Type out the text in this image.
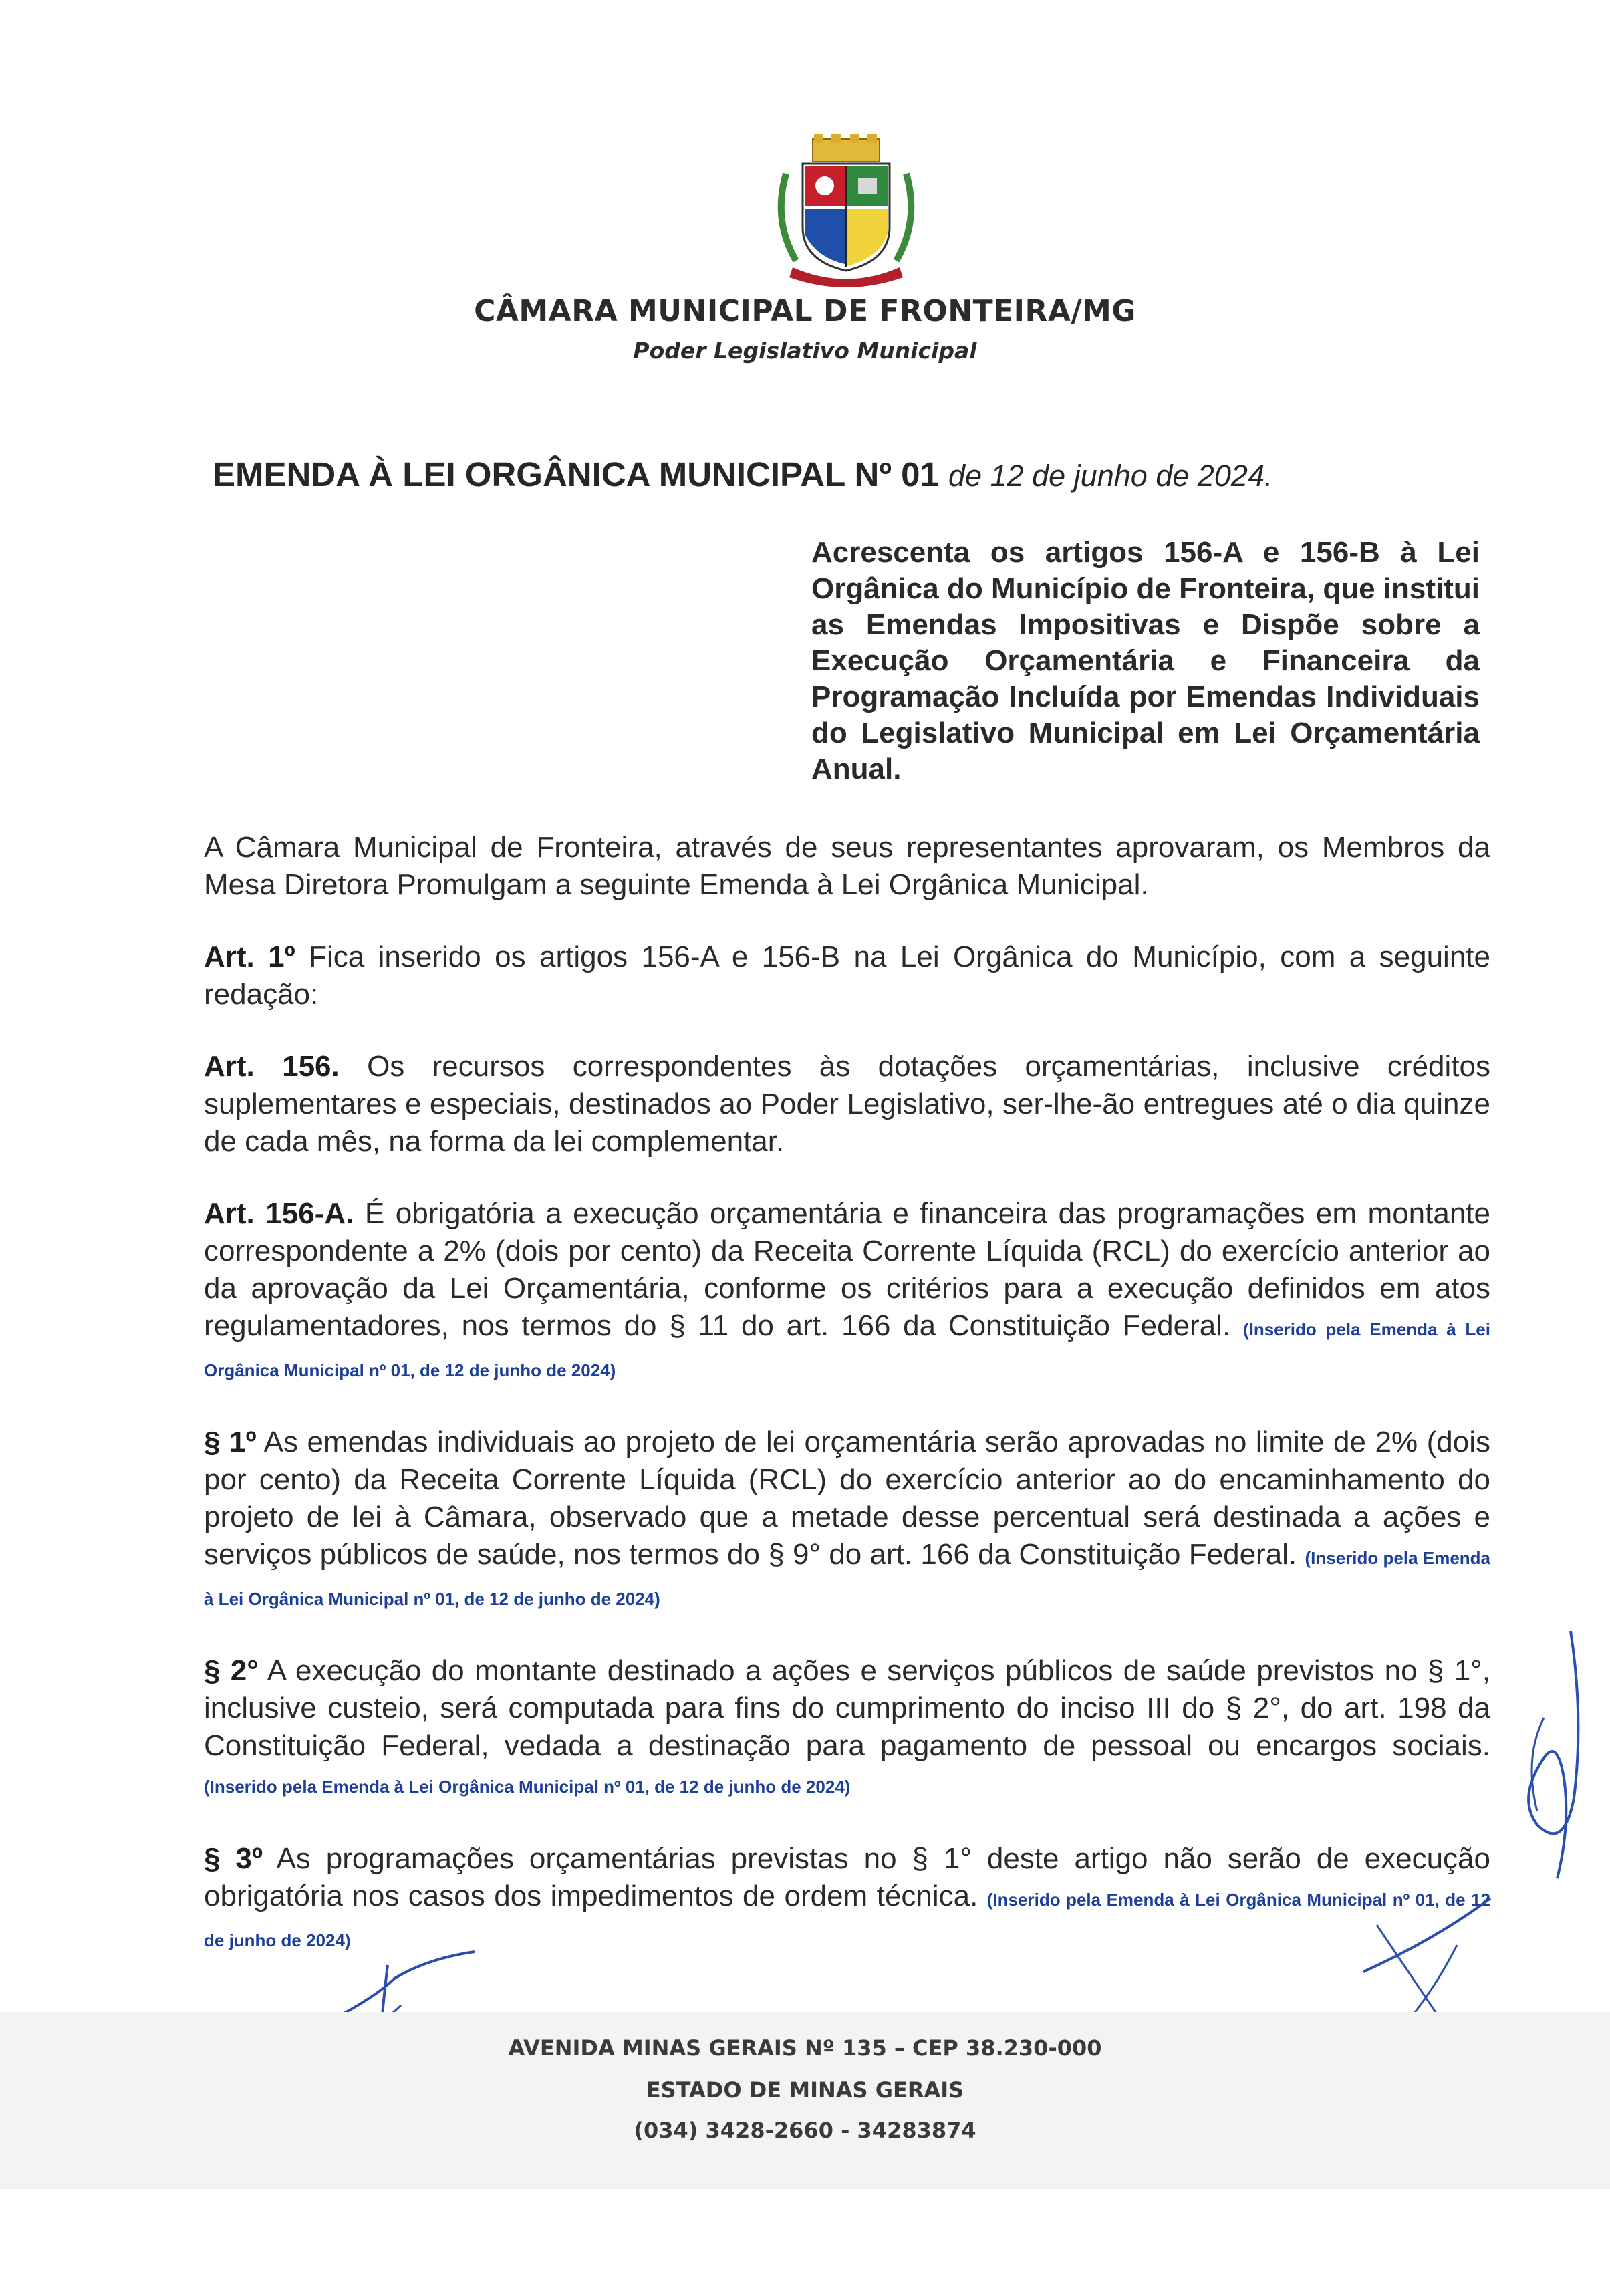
CÂMARA MUNICIPAL DE FRONTEIRA/MG
Poder Legislativo Municipal
EMENDA À LEI ORGÂNICA MUNICIPAL Nº 01 de 12 de junho de 2024.
Acrescenta os artigos 156-A e 156-B à Lei Orgânica do Município de Fronteira, que institui as Emendas Impositivas e Dispõe sobre a Execução Orçamentária e Financeira da Programação Incluída por Emendas Individuais do Legislativo Municipal em Lei Orçamentária Anual.

A Câmara Municipal de Fronteira, através de seus representantes aprovaram, os Membros da Mesa Diretora Promulgam a seguinte Emenda à Lei Orgânica Municipal.

Art. 1º Fica inserido os artigos 156-A e 156-B na Lei Orgânica do Município, com a seguinte redação:

Art. 156. Os recursos correspondentes às dotações orçamentárias, inclusive créditos suplementares e especiais, destinados ao Poder Legislativo, ser-lhe-ão entregues até o dia quinze de cada mês, na forma da lei complementar.

Art. 156-A. É obrigatória a execução orçamentária e financeira das programações em montante correspondente a 2% (dois por cento) da Receita Corrente Líquida (RCL) do exercício anterior ao da aprovação da Lei Orçamentária, conforme os critérios para a execução definidos em atos regulamentadores, nos termos do § 11 do art. 166 da Constituição Federal. (Inserido pela Emenda à Lei Orgânica Municipal nº 01, de 12 de junho de 2024)

§ 1º As emendas individuais ao projeto de lei orçamentária serão aprovadas no limite de 2% (dois por cento) da Receita Corrente Líquida (RCL) do exercício anterior ao do encaminhamento do projeto de lei à Câmara, observado que a metade desse percentual será destinada a ações e serviços públicos de saúde, nos termos do § 9° do art. 166 da Constituição Federal. (Inserido pela Emenda à Lei Orgânica Municipal nº 01, de 12 de junho de 2024)

§ 2° A execução do montante destinado a ações e serviços públicos de saúde previstos no § 1°, inclusive custeio, será computada para fins do cumprimento do inciso III do § 2°, do art. 198 da Constituição Federal, vedada a destinação para pagamento de pessoal ou encargos sociais. (Inserido pela Emenda à Lei Orgânica Municipal nº 01, de 12 de junho de 2024)

§ 3º As programações orçamentárias previstas no § 1° deste artigo não serão de execução obrigatória nos casos dos impedimentos de ordem técnica. (Inserido pela Emenda à Lei Orgânica Municipal nº 01, de 12 de junho de 2024)

AVENIDA MINAS GERAIS Nº 135 – CEP 38.230-000
ESTADO DE MINAS GERAIS
(034) 3428-2660 - 34283874
